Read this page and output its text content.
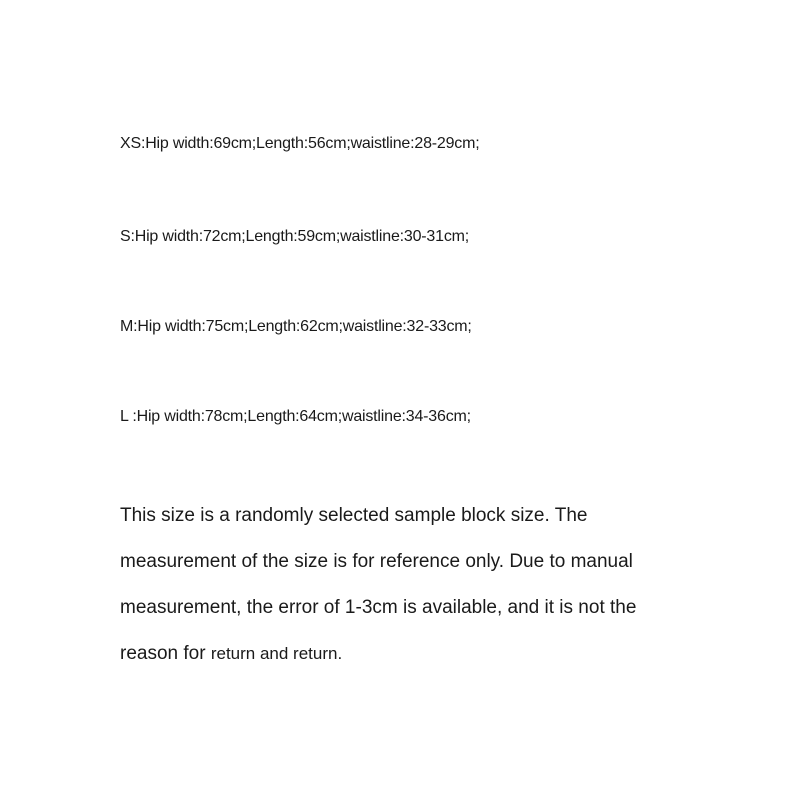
XS:Hip width:69cm;Length:56cm;waistline:28-29cm;

S:Hip width:72cm;Length:59cm;waistline:30-31cm;

M:Hip width:75cm;Length:62cm;waistline:32-33cm;

L :Hip width:78cm;Length:64cm;waistline:34-36cm;

This size is a randomly selected sample block size. The
measurement of the size is for reference only. Due to manual
measurement, the error of 1-3cm is available, and it is not the
reason for return and return.
